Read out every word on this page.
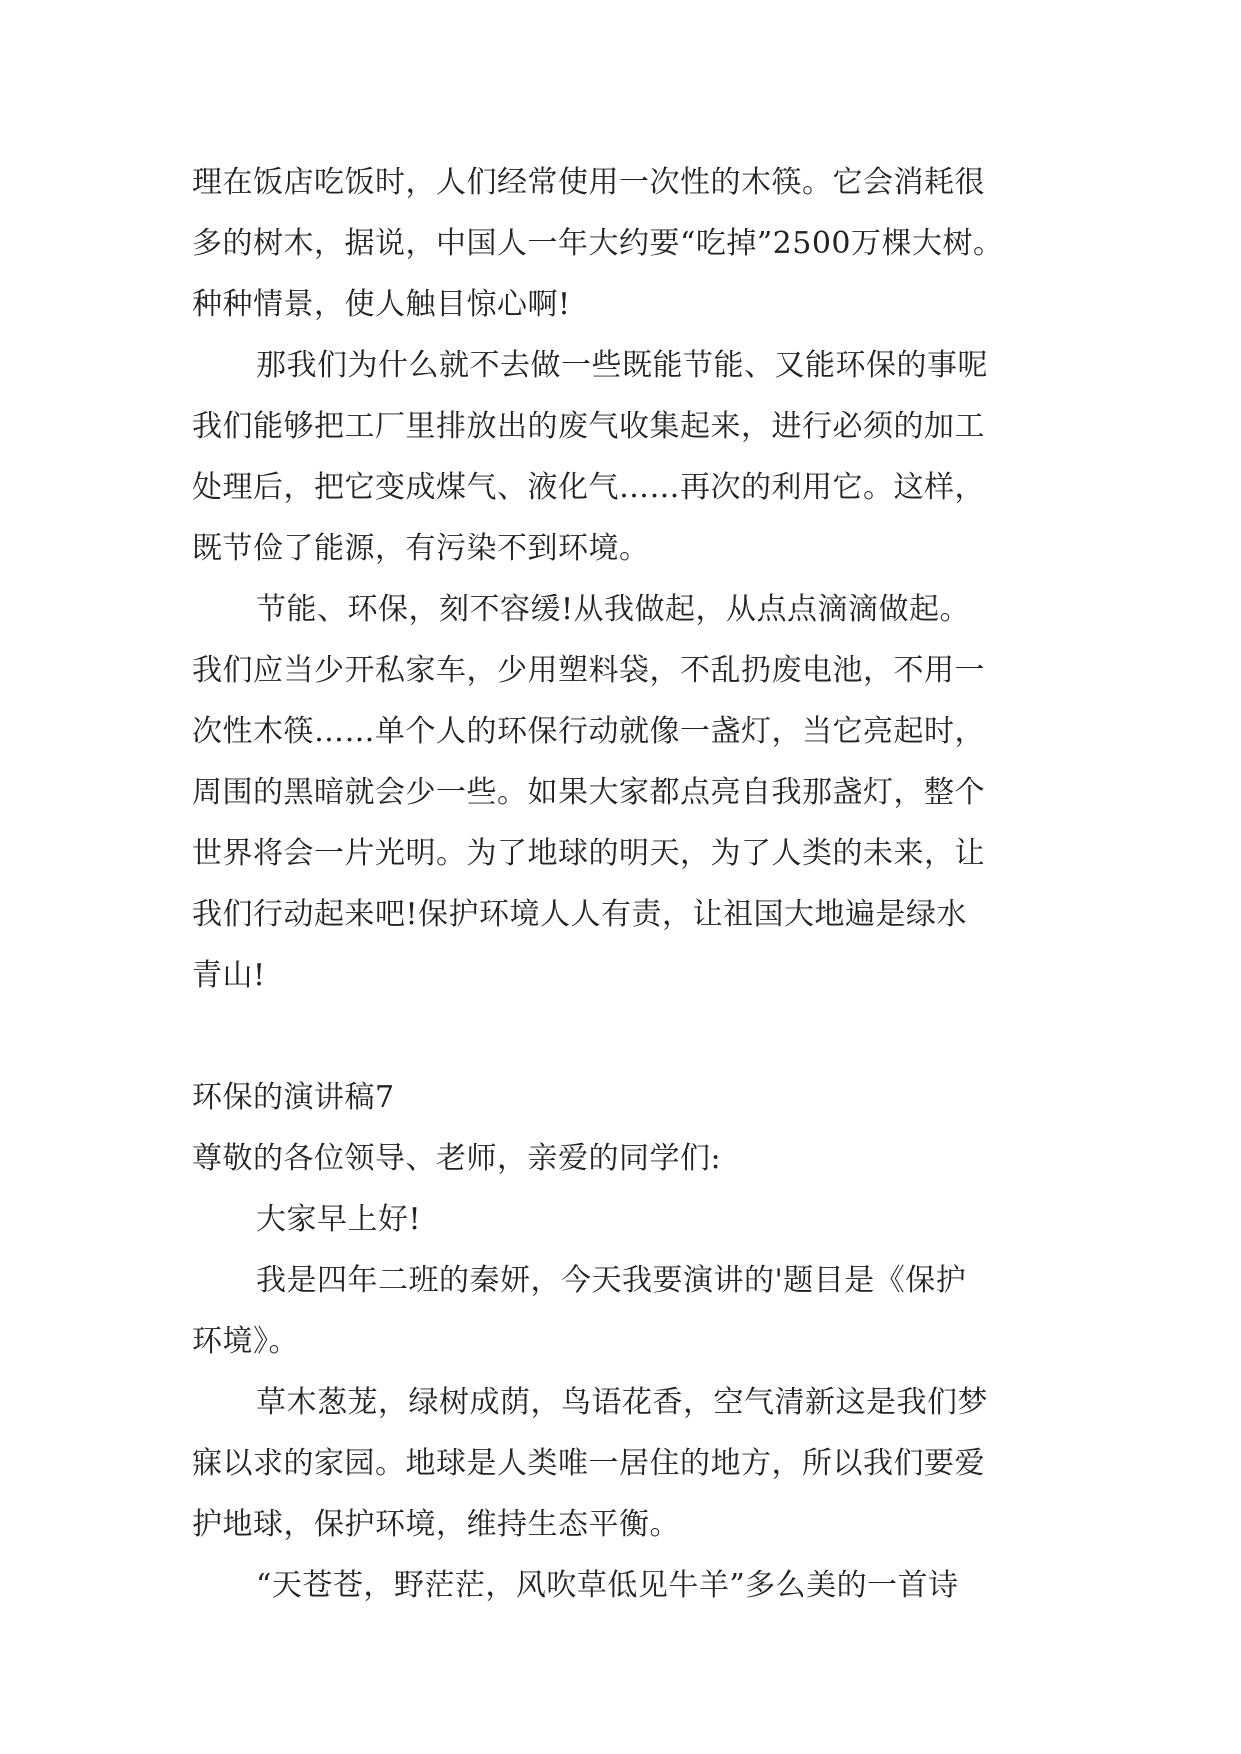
理在饭店吃饭时，人们经常使用一次性的木筷。它会消耗很
多的树木，据说，中国人一年大约要“吃掉”2500万棵大树。
种种情景，使人触目惊心啊!
那我们为什么就不去做一些既能节能、又能环保的事呢
我们能够把工厂里排放出的废气收集起来，进行必须的加工
处理后，把它变成煤气、液化气……再次的利用它。这样，
既节俭了能源，有污染不到环境。
节能、环保，刻不容缓!从我做起，从点点滴滴做起。
我们应当少开私家车，少用塑料袋，不乱扔废电池，不用一
次性木筷……单个人的环保行动就像一盏灯，当它亮起时，
周围的黑暗就会少一些。如果大家都点亮自我那盏灯，整个
世界将会一片光明。为了地球的明天，为了人类的未来，让
我们行动起来吧!保护环境人人有责，让祖国大地遍是绿水
青山!
环保的演讲稿7
尊敬的各位领导、老师，亲爱的同学们:
大家早上好!
我是四年二班的秦妍，今天我要演讲的'题目是《保护
环境》。
草木葱茏，绿树成荫，鸟语花香，空气清新这是我们梦
寐以求的家园。地球是人类唯一居住的地方，所以我们要爱
护地球，保护环境，维持生态平衡。
“天苍苍，野茫茫，风吹草低见牛羊”多么美的一首诗
